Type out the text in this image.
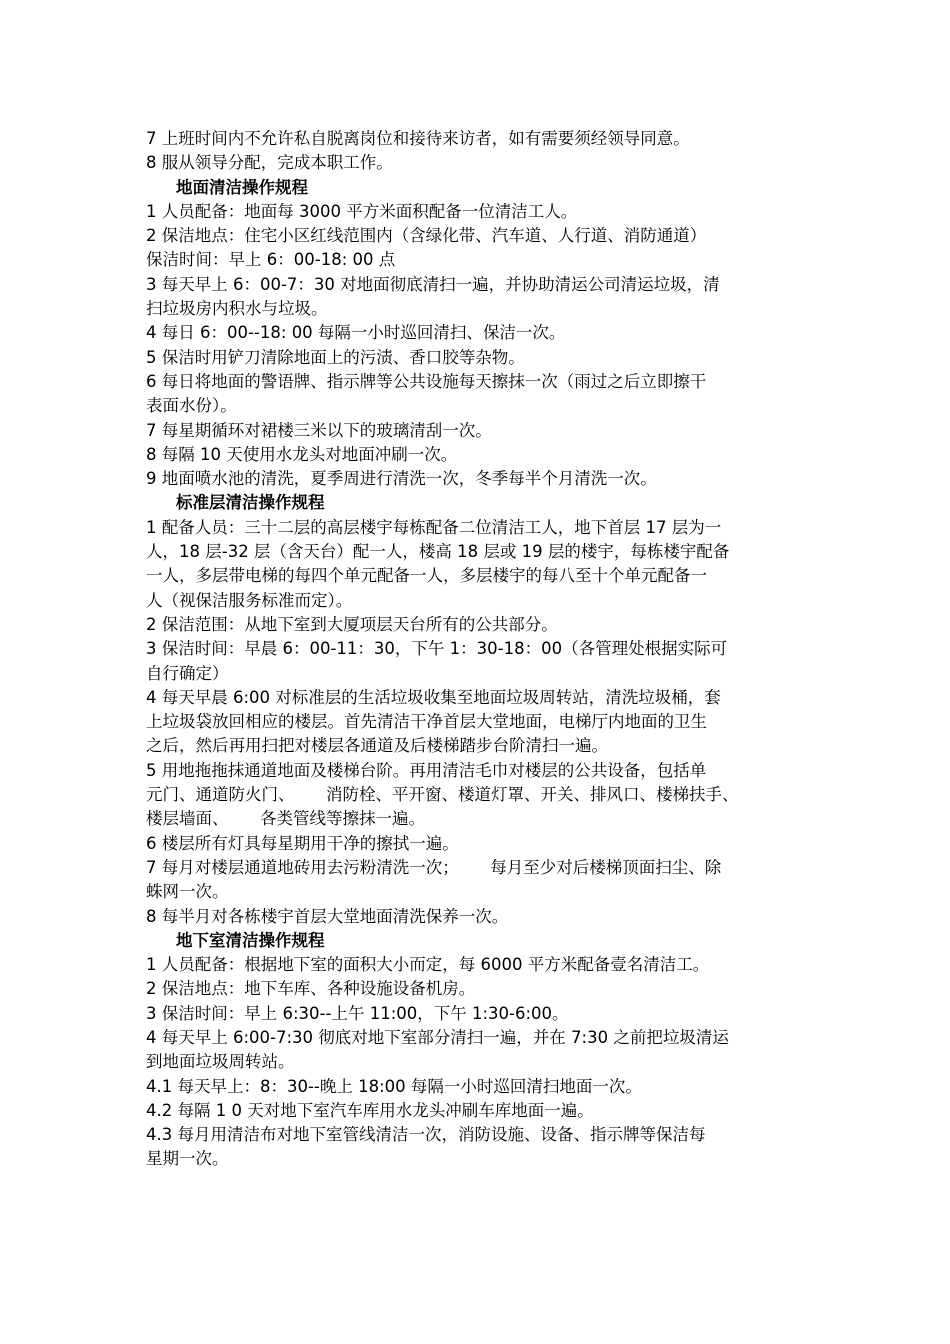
7 上班时间内不允许私自脱离岗位和接待来访者，如有需要须经领导同意。
8 服从领导分配，完成本职工作。
地面清洁操作规程
1 人员配备：地面每 3000 平方米面积配备一位清洁工人。
2 保洁地点：住宅小区红线范围内（含绿化带、汽车道、人行道、消防通道）
保洁时间：早上 6：00-18: 00 点
3 每天早上 6：00-7：30 对地面彻底清扫一遍，并协助清运公司清运垃圾，清
扫垃圾房内积水与垃圾。
4 每日 6：00--18: 00 每隔一小时巡回清扫、保洁一次。
5 保洁时用铲刀清除地面上的污渍、香口胶等杂物。
6 每日将地面的警语牌、指示牌等公共设施每天擦抹一次（雨过之后立即擦干
表面水份）。
7 每星期循环对裙楼三米以下的玻璃清刮一次。
8 每隔 10 天使用水龙头对地面冲刷一次。
9 地面喷水池的清洗，夏季周进行清洗一次，冬季每半个月清洗一次。
标准层清洁操作规程
1 配备人员：三十二层的高层楼宇每栋配备二位清洁工人，地下首层 17 层为一
人，18 层-32 层（含天台）配一人，楼高 18 层或 19 层的楼宇，每栋楼宇配备
一人，多层带电梯的每四个单元配备一人，多层楼宇的每八至十个单元配备一
人（视保洁服务标准而定）。
2 保洁范围：从地下室到大厦项层天台所有的公共部分。
3 保洁时间：早晨 6：00-11：30，下午 1：30-18：00（各管理处根据实际可
自行确定）
4 每天早晨 6:00 对标准层的生活垃圾收集至地面垃圾周转站，清洗垃圾桶，套
上垃圾袋放回相应的楼层。首先清洁干净首层大堂地面，电梯厅内地面的卫生
之后，然后再用扫把对楼层各通道及后楼梯踏步台阶清扫一遍。
5 用地拖拖抹通道地面及楼梯台阶。再用清洁毛巾对楼层的公共设备，包括单
元门、通道防火门、      消防栓、平开窗、楼道灯罩、开关、排风口、楼梯扶手、
楼层墙面、      各类管线等擦抹一遍。
6 楼层所有灯具每星期用干净的擦拭一遍。
7 每月对楼层通道地砖用去污粉清洗一次；      每月至少对后楼梯顶面扫尘、除
蛛网一次。
8 每半月对各栋楼宇首层大堂地面清洗保养一次。
地下室清洁操作规程
1 人员配备：根据地下室的面积大小而定，每 6000 平方米配备壹名清洁工。
2 保洁地点：地下车库、各种设施设备机房。
3 保洁时间：早上 6:30--上午 11:00，下午 1:30-6:00。
4 每天早上 6:00-7:30 彻底对地下室部分清扫一遍，并在 7:30 之前把垃圾清运
到地面垃圾周转站。
4.1 每天早上：8：30--晚上 18:00 每隔一小时巡回清扫地面一次。
4.2 每隔 1 0 天对地下室汽车库用水龙头冲刷车库地面一遍。
4.3 每月用清洁布对地下室管线清洁一次，消防设施、设备、指示牌等保洁每
星期一次。
